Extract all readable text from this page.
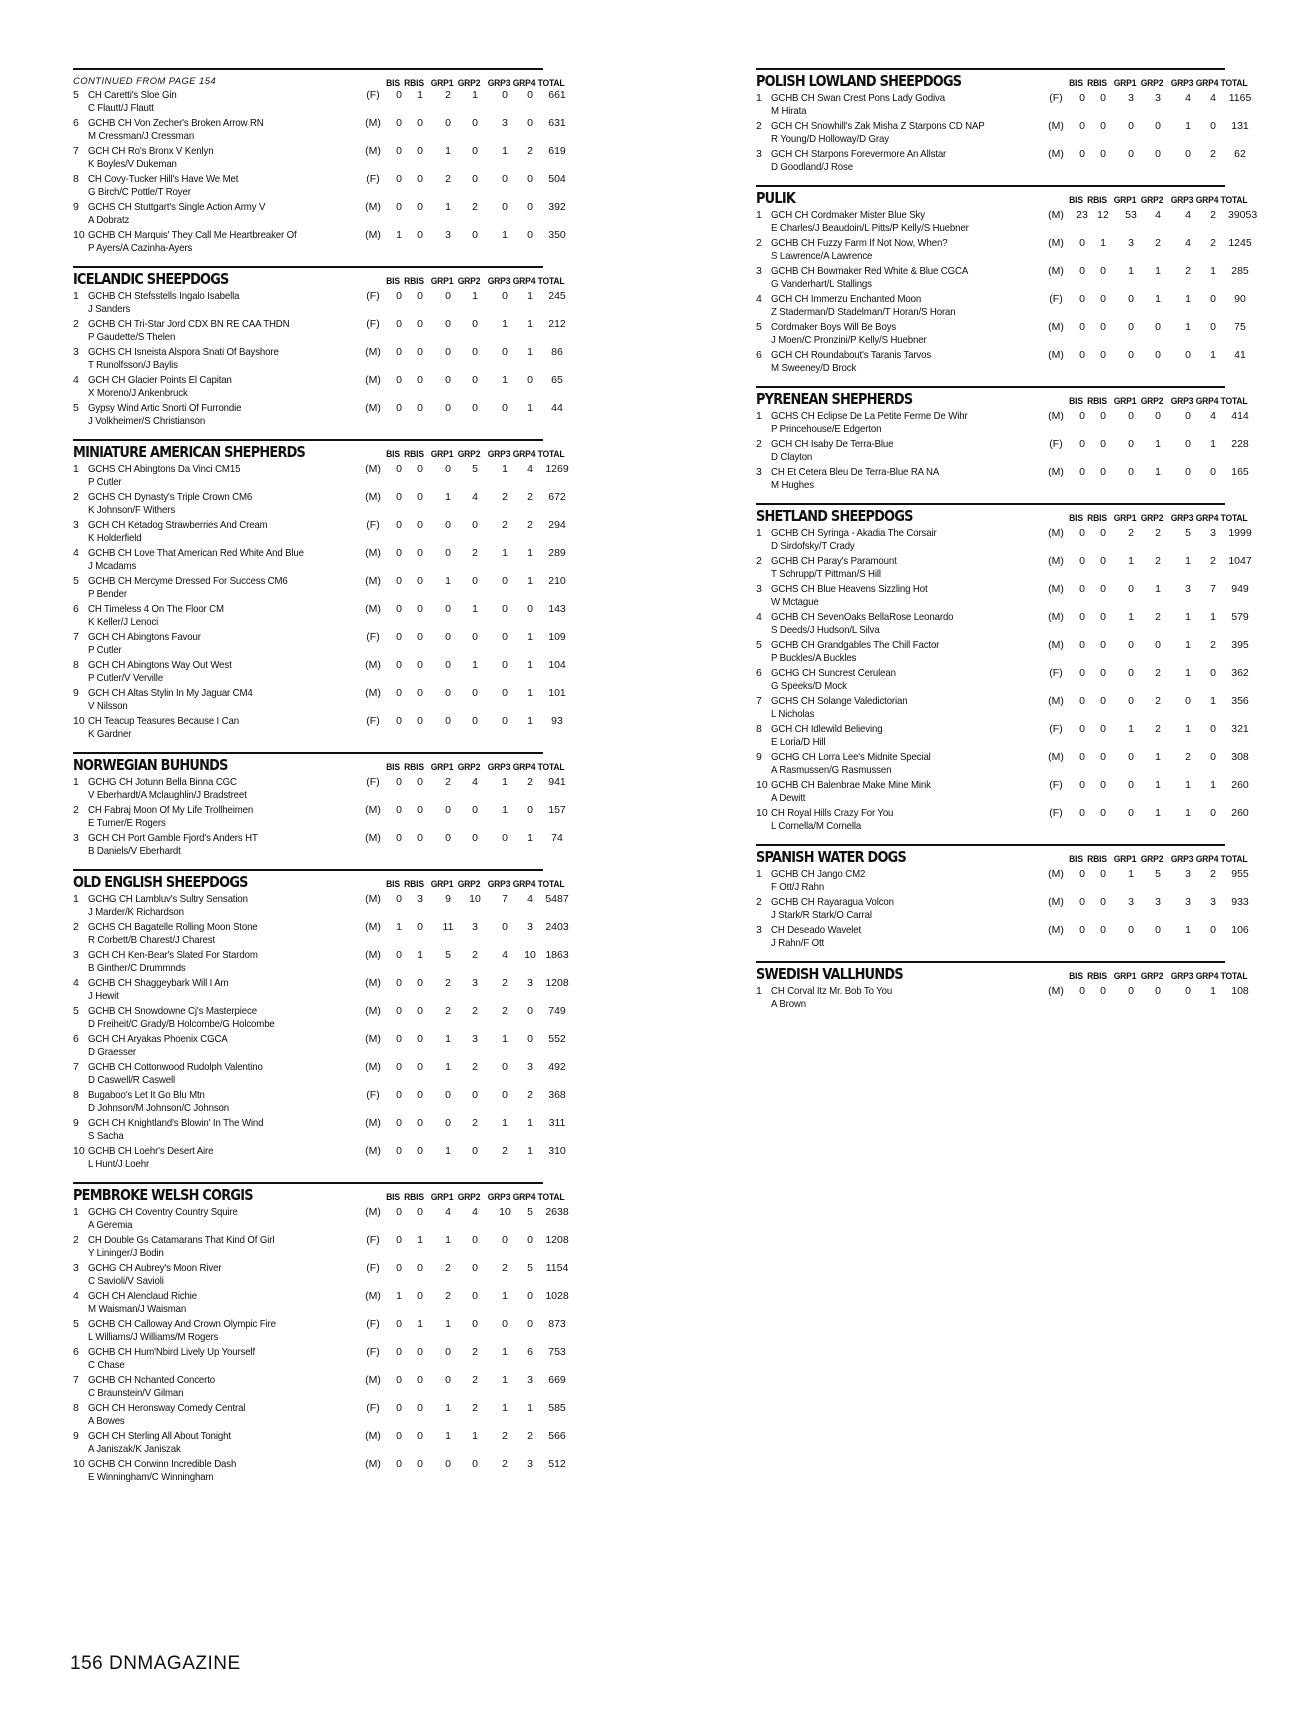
CONTINUED FROM PAGE 154	BIS RBIS GRP1 GRP2 GRP3 GRP4 TOTAL
5 CH Caretti's Sloe Gin
C Flautt/J Flautt
(F)	0	1	2	1	0	0	661
6 GCHB CH Von Zecher's Broken Arrow RN
M Cressman/J Cressman
(M)	0	0	0	0	3	0	631
7 GCH CH Ro's Bronx V Kenlyn
K Boyles/V Dukeman
(M)	0	0	1	0	1	2	619
8 CH Covy-Tucker Hill's Have We Met
G Birch/C Pottle/T Royer
(F)	0	0	2	0	0	0	504
9 GCHS CH Stuttgart's Single Action Army V
A Dobratz
(M)	0	0	1	2	0	0	392
10 GCHB CH Marquis' They Call Me Heartbreaker Of
P Ayers/A Cazinha-Ayers
(M)	1	0	3	0	1	0	350
ICELANDIC SHEEPDOGS	BIS RBIS GRP1 GRP2 GRP3 GRP4 TOTAL
1 GCHB CH Stefsstells Ingalo Isabella
J Sanders
(F)	0	0	0	1	0	1	245
2 GCHB CH Tri-Star Jord CDX BN RE CAA THDN
P Gaudette/S Thelen
(F)	0	0	0	0	1	1	212
3 GCHS CH Isneista Alspora Snati Of Bayshore
T Runolfsson/J Baylis
(M)	0	0	0	0	0	1	86
4 GCH CH Glacier Points El Capitan
X Moreno/J Ankenbruck
(M)	0	0	0	0	1	0	65
5 Gypsy Wind Artic Snorti Of Furrondie
J Volkheimer/S Christianson
(M)	0	0	0	0	0	1	44
MINIATURE AMERICAN SHEPHERDS	BIS RBIS GRP1 GRP2 GRP3 GRP4 TOTAL
1 GCHS CH Abingtons Da Vinci CM15
P Cutler
(M)	0	0	0	5	1	4	1269
2 GCHS CH Dynasty's Triple Crown CM6
K Johnson/F Withers
(M)	0	0	1	4	2	2	672
3 GCH CH Ketadog Strawberries And Cream
K Holderfield
(F)	0	0	0	0	2	2	294
4 GCHB CH Love That American Red White And Blue
J Mcadams
(M)	0	0	0	2	1	1	289
5 GCHB CH Mercyme Dressed For Success CM6
P Bender
(M)	0	0	1	0	0	1	210
6 CH Timeless 4 On The Floor CM
K Keller/J Lenoci
(M)	0	0	0	1	0	0	143
7 GCH CH Abingtons Favour
P Cutler
(F)	0	0	0	0	0	1	109
8 GCH CH Abingtons Way Out West
P Cutler/V Verville
(M)	0	0	0	1	0	1	104
9 GCH CH Altas Stylin In My Jaguar CM4
V Nilsson
(M)	0	0	0	0	0	1	101
10 CH Teacup Teasures Because I Can
K Gardner
(F)	0	0	0	0	0	1	93
NORWEGIAN BUHUNDS	BIS RBIS GRP1 GRP2 GRP3 GRP4 TOTAL
1 GCHG CH Jotunn Bella Binna CGC
V Eberhardt/A Mclaughlin/J Bradstreet
(F)	0	0	2	4	1	2	941
2 CH Fabraj Moon Of My Life Trollheimen
E Turner/E Rogers
(M)	0	0	0	0	1	0	157
3 GCH CH Port Gamble Fjord's Anders HT
B Daniels/V Eberhardt
(M)	0	0	0	0	0	1	74
OLD ENGLISH SHEEPDOGS	BIS RBIS GRP1 GRP2 GRP3 GRP4 TOTAL
1 GCHG CH Lambluv's Sultry Sensation
J Marder/K Richardson
(M)	0	3	9	10	7	4	5487
2 GCHS CH Bagatelle Rolling Moon Stone
R Corbett/B Charest/J Charest
(M)	1	0	11	3	0	3	2403
3 GCH CH Ken-Bear's Slated For Stardom
B Ginther/C Drummnds
(M)	0	1	5	2	4	10 1863
4 GCHB CH Shaggeybark Will I Am
J Hewit
(M)	0	0	2	3	2	3	1208
5 GCHB CH Snowdowne Cj's Masterpiece
D Freiheit/C Grady/B Holcombe/G Holcombe
(M)	0	0	2	2	2	0	749
6 GCH CH Aryakas Phoenix CGCA
D Graesser
(M)	0	0	1	3	1	0	552
7 GCHB CH Cottonwood Rudolph Valentino
D Caswell/R Caswell
(M)	0	0	1	2	0	3	492
8 Bugaboo's Let It Go Blu Mtn
D Johnson/M Johnson/C Johnson
(F)	0	0	0	0	0	2	368
9 GCH CH Knightland's Blowin' In The Wind
S Sacha
(M)	0	0	0	2	1	1	311
10 GCHB CH Loehr's Desert Aire
L Hunt/J Loehr
(M)	0	0	1	0	2	1	310
PEMBROKE WELSH CORGIS	BIS RBIS GRP1 GRP2 GRP3 GRP4 TOTAL
1 GCHG CH Coventry Country Squire
A Geremia
(M)	0	0	4	4	10	5	2638
2 CH Double Gs Catamarans That Kind Of Girl
Y Lininger/J Bodin
(F)	0	1	1	0	0	0	1208
3 GCHG CH Aubrey's Moon River
C Savioli/V Savioli
(F)	0	0	2	0	2	5	1154
4 GCH CH Alenclaud Richie
M Waisman/J Waisman
(M)	1	0	2	0	1	0	1028
5 GCHB CH Calloway And Crown Olympic Fire
L Williams/J Williams/M Rogers
(F)	0	1	1	0	0	0	873
6 GCHB CH Hum'Nbird Lively Up Yourself
C Chase
(F)	0	0	0	2	1	6	753
7 GCHB CH Nchanted Concerto
C Braunstein/V Gilman
(M)	0	0	0	2	1	3	669
8 GCH CH Heronsway Comedy Central
A Bowes
(F)	0	0	1	2	1	1	585
9 GCH CH Sterling All About Tonight
A Janiszak/K Janiszak
(M)	0	0	1	1	2	2	566
10 GCHB CH Corwinn Incredible Dash
E Winningham/C Winningham
(M)	0	0	0	0	2	3	512
POLISH LOWLAND SHEEPDOGS	BIS RBIS GRP1 GRP2 GRP3 GRP4 TOTAL
1 GCHB CH Swan Crest Pons Lady Godiva
M Hirata
(F)	0	0	3	3	4	4	1165
2 GCH CH Snowhill's Zak Misha Z Starpons CD NAP
R Young/D Holloway/D Gray
(M)	0	0	0	0	1	0	131
3 GCH CH Starpons Forevermore An Allstar
D Goodland/J Rose
(M)	0	0	0	0	0	2	62
PULIK	BIS RBIS GRP1 GRP2 GRP3 GRP4 TOTAL
1 GCH CH Cordmaker Mister Blue Sky
E Charles/J Beaudoin/L Pitts/P Kelly/S Huebner
(M)	23 12	53	4	4	2	39053
2 GCHB CH Fuzzy Farm If Not Now, When?
S Lawrence/A Lawrence
(M)	0	1	3	2	4	2	1245
3 GCHB CH Bowmaker Red White & Blue CGCA
G Vanderhart/L Stallings
(M)	0	0	1	1	2	1	285
4 GCH CH Immerzu Enchanted Moon
Z Staderman/D Stadelman/T Horan/S Horan
(F)	0	0	0	1	1	0	90
5 Cordmaker Boys Will Be Boys
J Moen/C Pronzini/P Kelly/S Huebner
(M)	0	0	0	0	1	0	75
6 GCH CH Roundabout's Taranis Tarvos
M Sweeney/D Brock
(M)	0	0	0	0	0	1	41
PYRENEAN SHEPHERDS	BIS RBIS GRP1 GRP2 GRP3 GRP4 TOTAL
1 GCHS CH Eclipse De La Petite Ferme De Wihr
P Princehouse/E Edgerton
(M)	0	0	0	0	0	4	414
2 GCH CH Isaby De Terra-Blue
D Clayton
(F)	0	0	0	1	0	1	228
3 CH Et Cetera Bleu De Terra-Blue RA NA
M Hughes
(M)	0	0	0	1	0	0	165
SHETLAND SHEEPDOGS	BIS RBIS GRP1 GRP2 GRP3 GRP4 TOTAL
1 GCHB CH Syringa - Akadia The Corsair
D Sirdofsky/T Crady
(M)	0	0	2	2	5	3	1999
2 GCHB CH Paray's Paramount
T Schrupp/T Pittman/S Hill
(M)	0	0	1	2	1	2	1047
3 GCHS CH Blue Heavens Sizzling Hot
W Mctague
(M)	0	0	0	1	3	7	949
4 GCHB CH SevenOaks BellaRose Leonardo
S Deeds/J Hudson/L Silva
(M)	0	0	1	2	1	1	579
5 GCHB CH Grandgables The Chill Factor
P Buckles/A Buckles
(M)	0	0	0	0	1	2	395
6 GCHG CH Suncrest Cerulean
G Speeks/D Mock
(F)	0	0	0	2	1	0	362
7 GCHS CH Solange Valedictorian
L Nicholas
(M)	0	0	0	2	0	1	356
8 GCH CH Idlewild Believing
E Loria/D Hill
(F)	0	0	1	2	1	0	321
9 GCHG CH Lorra Lee's Midnite Special
A Rasmussen/G Rasmussen
(M)	0	0	0	1	2	0	308
10 GCHB CH Balenbrae Make Mine Mink
A Dewitt
(F)	0	0	0	1	1	1	260
10 CH Royal Hills Crazy For You
L Cornella/M Cornella
(F)	0	0	0	1	1	0	260
SPANISH WATER DOGS	BIS RBIS GRP1 GRP2 GRP3 GRP4 TOTAL
1 GCHB CH Jango CM2
F Ott/J Rahn
(M)	0	0	1	5	3	2	955
2 GCHB CH Rayaragua Volcon
J Stark/R Stark/O Carral
(M)	0	0	3	3	3	3	933
3 CH Deseado Wavelet
J Rahn/F Ott
(M)	0	0	0	0	1	0	106
SWEDISH VALLHUNDS	BIS RBIS GRP1 GRP2 GRP3 GRP4 TOTAL
1 CH Corval Itz Mr. Bob To You
A Brown
(M)	0	0	0	0	0	1	108
156 DNMAGAZINE
